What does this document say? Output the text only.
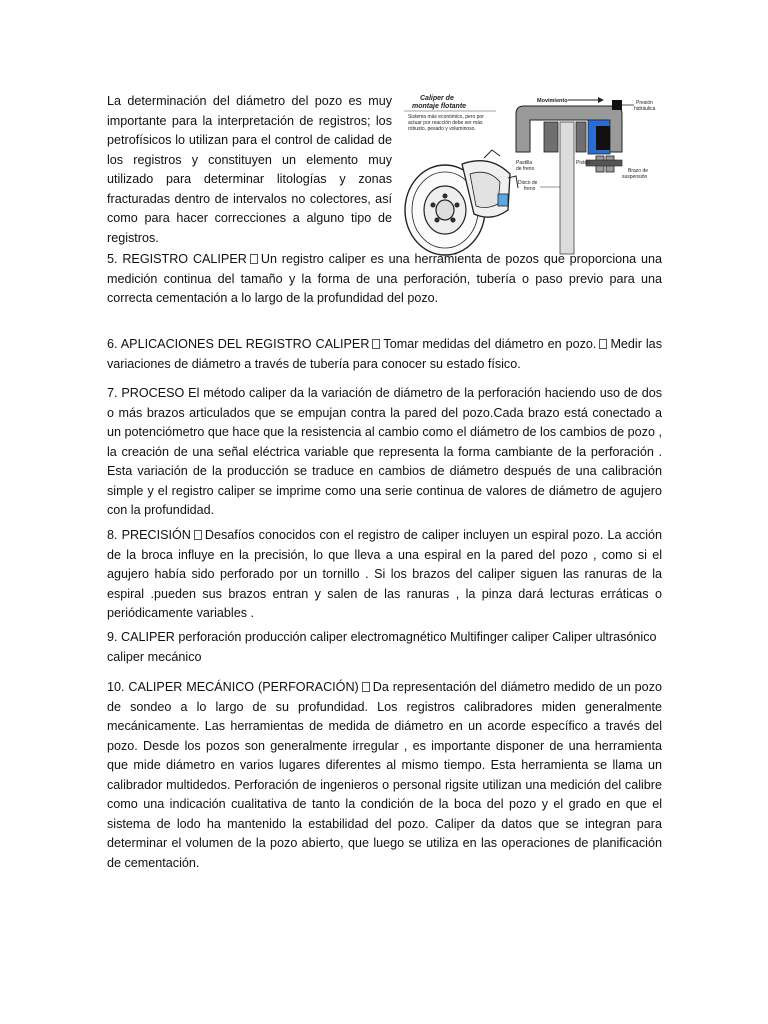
La determinación del diámetro del pozo es muy importante para la interpretación de registros; los petrofísicos lo utilizan para el control de calidad de los registros y constituyen un elemento muy utilizado para determinar litologías y zonas fracturadas dentro de intervalos no colectores, así como para hacer correcciones a alguno tipo de registros.

Caliper de
montaje flotante
Sistema más económico, pero por
actuar por reacción debe ser más
robusto, pesado y voluminoso.
Movimiento	Presión
hidráulica
Pastilla
de freno
Disco de
freno
Pistón
Brazo de
suspensión

5. REGISTRO CALIPER Un registro caliper es una herramienta de pozos que proporciona una medición continua del tamaño y la forma de una perforación, tubería o paso previo para una correcta cementación a lo largo de la profundidad del pozo.

6. APLICACIONES DEL REGISTRO CALIPER Tomar medidas del diámetro en pozo. Medir las variaciones de diámetro a través de tubería para conocer su estado físico.

7. PROCESO El método caliper da la variación de diámetro de la perforación haciendo uso de dos o más brazos articulados que se empujan contra la pared del pozo.Cada brazo está conectado a un potenciómetro que hace que la resistencia al cambio como el diámetro de los cambios de pozo , la creación de una señal eléctrica variable que representa la forma cambiante de la perforación . Esta variación de la producción se traduce en cambios de diámetro después de una calibración simple y el registro caliper se imprime como una serie continua de valores de diámetro de agujero con la profundidad.

8. PRECISIÓN Desafíos conocidos con el registro de caliper incluyen un espiral pozo. La acción de la broca influye en la precisión, lo que lleva a una espiral en la pared del pozo , como si el agujero había sido perforado por un tornillo . Si los brazos del caliper siguen las ranuras de la espiral .pueden sus brazos entran y salen de las ranuras , la pinza dará lecturas erráticas o periódicamente variables .

9. CALIPER perforación producción caliper electromagnético Multifinger caliper Caliper ultrasónico caliper mecánico

10. CALIPER MECÁNICO (PERFORACIÓN) Da representación del diámetro medido de un pozo de sondeo a lo largo de su profundidad. Los registros calibradores miden generalmente mecánicamente. Las herramientas de medida de diámetro en un acorde específico a través del pozo. Desde los pozos son generalmente irregular , es importante disponer de una herramienta que mide diámetro en varios lugares diferentes al mismo tiempo. Esta herramienta se llama un calibrador multidedos. Perforación de ingenieros o personal rigsite utilizan una medición del calibre como una indicación cualitativa de tanto la condición de la boca del pozo y el grado en que el sistema de lodo ha mantenido la estabilidad del pozo. Caliper da datos que se integran para determinar el volumen de la pozo abierto, que luego se utiliza en las operaciones de planificación de cementación.
